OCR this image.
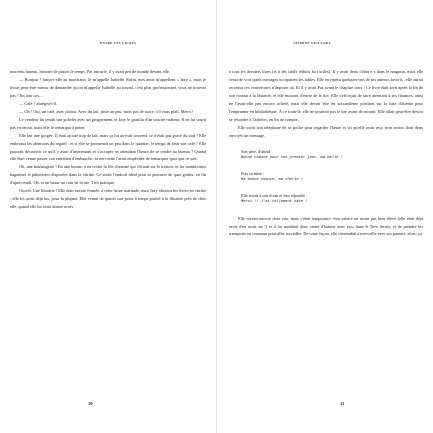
ENTRE LES LIGNES

nouveau bureau, histoire de passer le temps. Par miracle, il y avait peu de monde devant elle.

— Bonjour ! lança-t-elle au marchand. Je m'appelle Isabelle. Enfin, mes amis m'appellent « Izzy », mais je ferais peut-être mieux de demander qu'on m'appelle Isabelle au travail, c'est plus professionnel, vous ne trouvez pas ? En tout cas…

— Café ? abrégea-t-il.

— Oh ! Oui, un café, avec plaisir. Avec du lait, juste un peu, mais pas de sucre, s'il vous plaît. Merci !

Le vendeur lui tendit son gobelet avec un grognement, et Izzy le gratifia d'un sourire radieux. Il ne lui sourit pas en retour, mais elle le remarqua à peine.

Elle but une gorgée. Il était ajouté trop de lait, mais ça lui arrivait souvent, ce n'était pas grave du tout ! Elle embrassa les alentours du regard : et si elle se promenait un peu dans le quartier, le temps de finir son café ? Elle pourrait découvrir ce qu'il y avait d'intéressant et s'occuper en attendant l'heure de se rendre au bureau ? Quand elle était venue passer son entretien d'embauche, sa nervosité l'avait empêchée de remarquer quoi que ce soit.

Oh, une boulangerie ! En une bonne, à en croire la file d'attente qui s'étirait sur le trottoir, et les nombreuses baguettes et pâtisseries disposées dans la vitrine. Ce serait l'endroit idéal pour se procurer de quoi goûter, en fin d'après-midi. Oh, et un bazar au coin de la rue. Très pratique.

Ooooh. Une librairie ! Elle était encore fermée, à cette heure matinale, mais Izzy observa les livres en vitrine : elle les avait déjà lus, pour la plupart. Elle venait de quitter son poste à temps partiel à la librairie près de chez elle, quand elle lui avait donné accès

10
JASMINE GUILLORY

à tous les derniers titres (et à des tarifs réduits fort utiles). Il y avait deux client·e·s dans le magasin, mais elle cessa de voir quels ouvrages occupaient les tables. Elle en repéra quelques-uns de ses auteurs favoris ; elle aurait reconnu ces couvertures n'importe où. Et il y avait Pas avant le chapitre trois ! Ce livre était sorti après la fin de son contrat à la librairie, et elle mourait d'envie de le lire. Elle s'efforçait de faire attention à ses finances, ainsi ne l'avait-elle pas encore acheté, mais elle devait être en soixantième position sur la liste d'attente pour l'emprunter en bibliothèque. À ce train-là, elle ne pourrait pas le lire avant de mourir. Elle allait peut-être devoir se résoudre à l'acheter, en fin de compte.

Elle sortit son téléphone de sa poche pour regarder l'heure et vit qu'elle avait reçu trois textos dont deux envoyés un message.

Son père, d'abord :

Bonne chance pour ton premier jour, ma belle !

Puis sa mère :

Ma bonne chance, ma chérie !

Elle sourit à son écran et leur répondit :

Merci !! J'ai tellement hâte !

Elle n'avait encore chez eux, mais c'était temporaire. Son salaire ne serait pas bien élevé (elle était déjà ravie d'en avoir un !) et il lui semblait donc sensé d'habiter avec eux, dans le New Jersey, et de prendre les transports en commun pour aller travailler. De toute façon, elle s'entendait à merveille avec ses parents, alors, ça

11
